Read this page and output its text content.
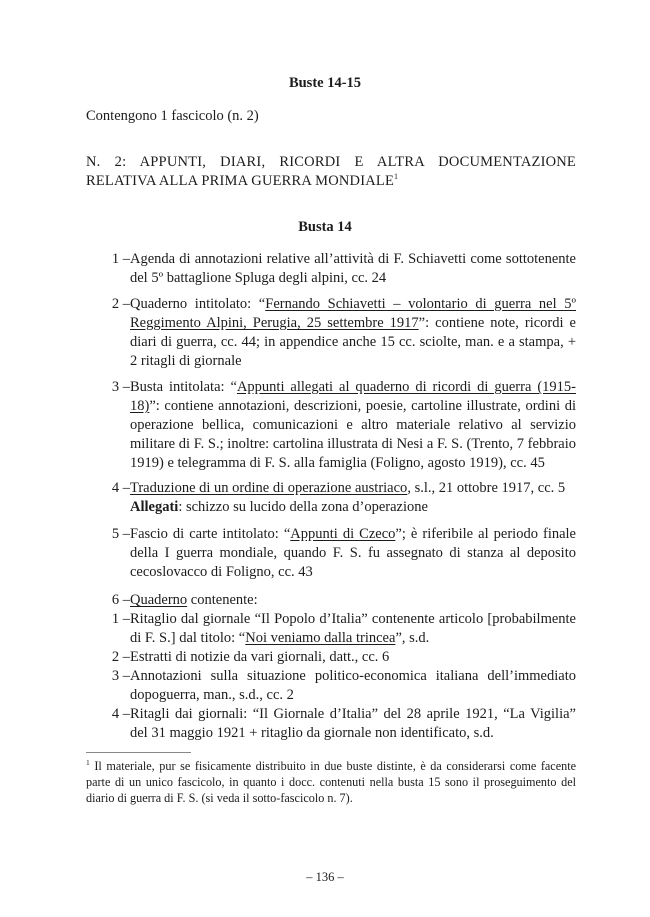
Buste 14-15
Contengono 1 fascicolo (n. 2)
N. 2: APPUNTI, DIARI, RICORDI E ALTRA DOCUMENTAZIONE RELATIVA ALLA PRIMA GUERRA MONDIALE$^1$
Busta 14
1 – Agenda di annotazioni relative all’attività di F. Schiavetti come sottotenente del 5º battaglione Spluga degli alpini, cc. 24
2 – Quaderno intitolato: “Fernando Schiavetti – volontario di guerra nel 5º Reggimento Alpini, Perugia, 25 settembre 1917”: contiene note, ricordi e diari di guerra, cc. 44; in appendice anche 15 cc. sciolte, man. e a stampa, + 2 ritagli di giornale
3 – Busta intitolata: “Appunti allegati al quaderno di ricordi di guerra (1915-18)”: contiene annotazioni, descrizioni, poesie, cartoline illustrate, ordini di operazione bellica, comunicazioni e altro materiale relativo al servizio militare di F. S.; inoltre: cartolina illustrata di Nesi a F. S. (Trento, 7 febbraio 1919) e telegramma di F. S. alla famiglia (Foligno, agosto 1919), cc. 45
4 – Traduzione di un ordine di operazione austriaco, s.l., 21 ottobre 1917, cc. 5
Allegati: schizzo su lucido della zona d’operazione
5 – Fascio di carte intitolato: “Appunti di Czeco”; è riferibile al periodo finale della I guerra mondiale, quando F. S. fu assegnato di stanza al deposito cecoslovacco di Foligno, cc. 43
6 – Quaderno contenente:
1 – Ritaglio dal giornale “Il Popolo d’Italia” contenente articolo [probabilmente di F. S.] dal titolo: “Noi veniamo dalla trincea”, s.d.
2 – Estratti di notizie da vari giornali, datt., cc. 6
3 – Annotazioni sulla situazione politico-economica italiana dell’immediato dopoguerra, man., s.d., cc. 2
4 – Ritagli dai giornali: “Il Giornale d’Italia” del 28 aprile 1921, “La Vigilia” del 31 maggio 1921 + ritaglio da giornale non identificato, s.d.
$^1$ Il materiale, pur se fisicamente distribuito in due buste distinte, è da considerarsi come facente parte di un unico fascicolo, in quanto i docc. contenuti nella busta 15 sono il proseguimento del diario di guerra di F. S. (si veda il sotto-fascicolo n. 7).
– 136 –
